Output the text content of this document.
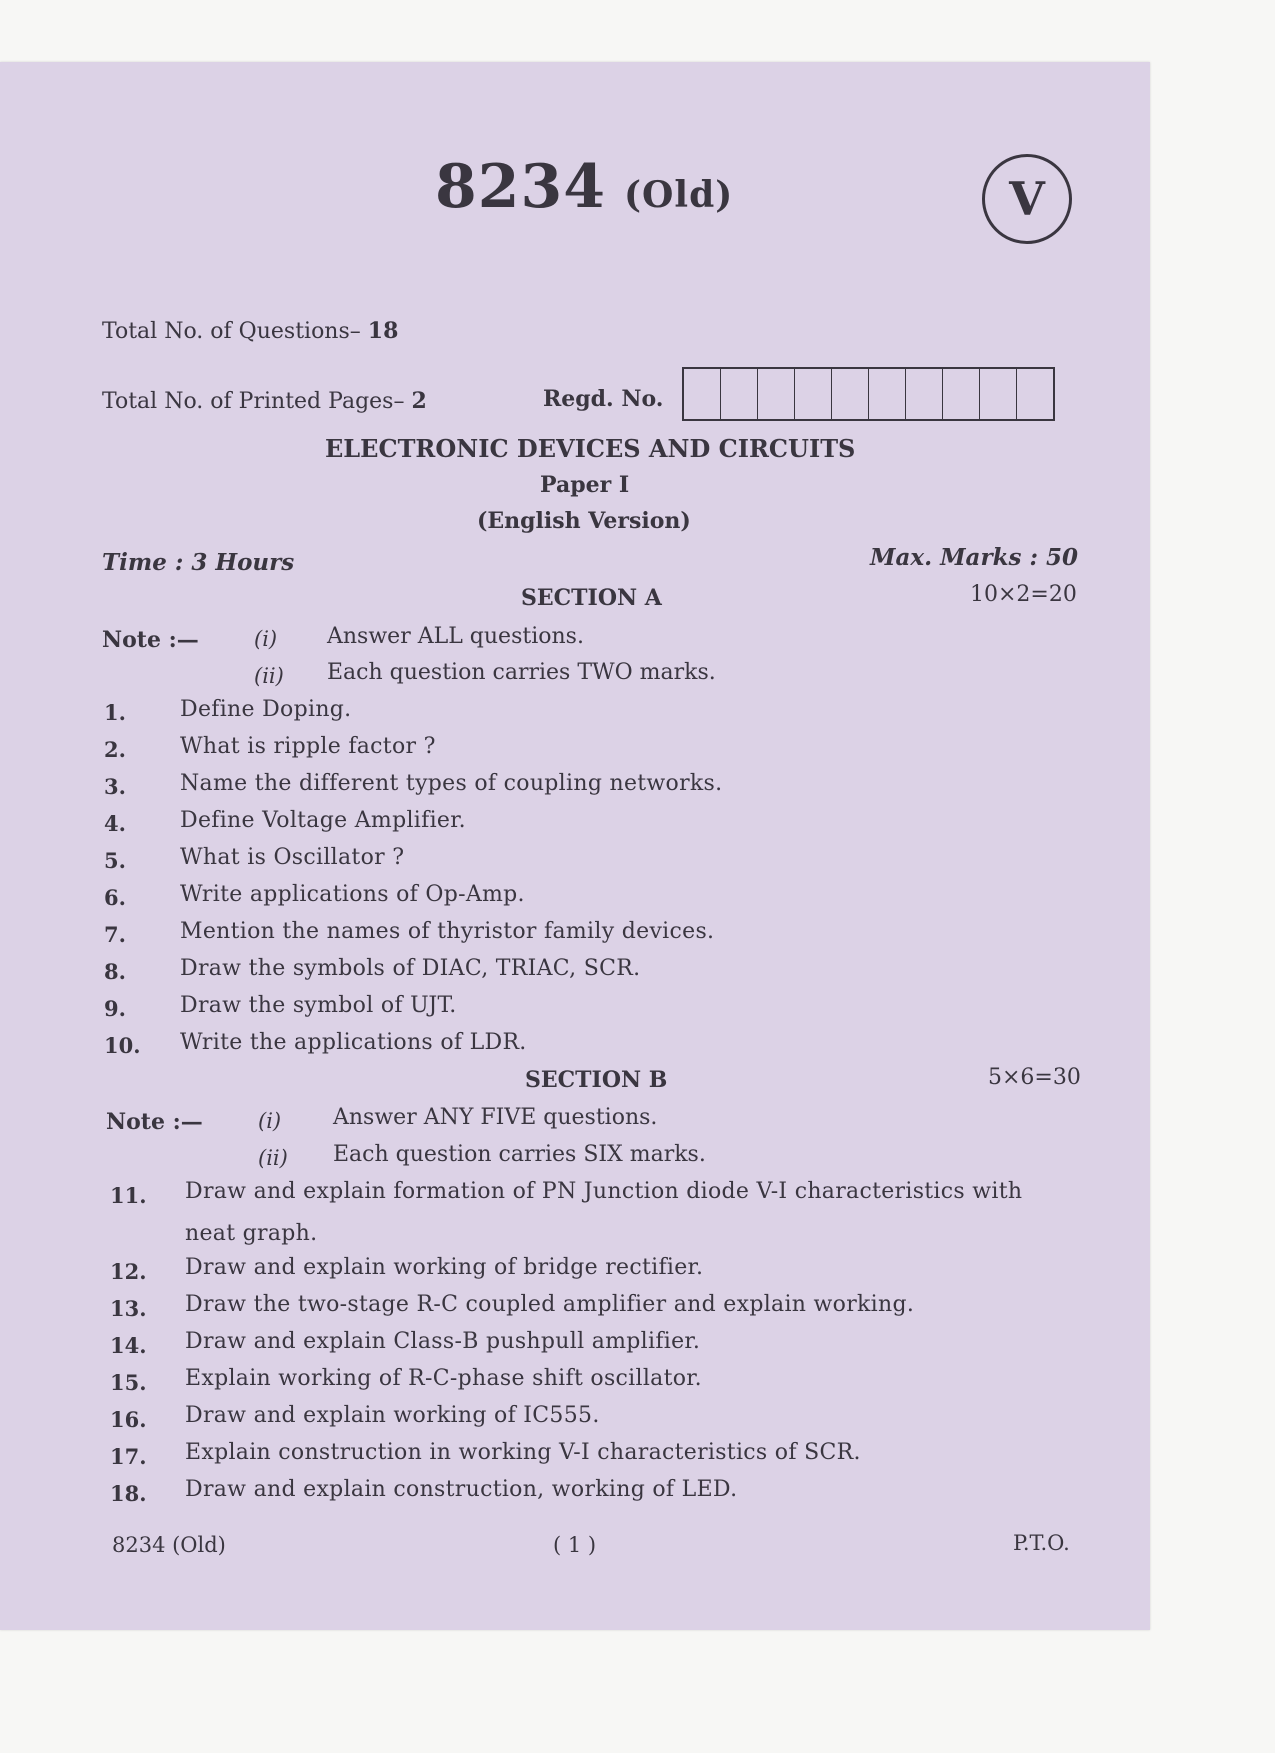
8234 (Old)	V
Total No. of Questions– 18
Total No. of Printed Pages– 2	Regd. No.
ELECTRONIC DEVICES AND CIRCUITS
Paper I
(English Version)
Time : 3 Hours	Max. Marks : 50
SECTION A	10×2=20
Note :—	(i) Answer ALL questions.
(ii) Each question carries TWO marks.
1. Define Doping.
2. What is ripple factor ?
3. Name the different types of coupling networks.
4. Define Voltage Amplifier.
5. What is Oscillator ?
6. Write applications of Op-Amp.
7. Mention the names of thyristor family devices.
8. Draw the symbols of DIAC, TRIAC, SCR.
9. Draw the symbol of UJT.
10. Write the applications of LDR.
SECTION B	5×6=30
Note :—	(i) Answer ANY FIVE questions.
(ii) Each question carries SIX marks.
11. Draw and explain formation of PN Junction diode V-I characteristics with
neat graph.
12. Draw and explain working of bridge rectifier.
13. Draw the two-stage R-C coupled amplifier and explain working.
14. Draw and explain Class-B pushpull amplifier.
15. Explain working of R-C-phase shift oscillator.
16. Draw and explain working of IC555.
17. Explain construction in working V-I characteristics of SCR.
18. Draw and explain construction, working of LED.
8234 (Old)	( 1 )	P.T.O.
